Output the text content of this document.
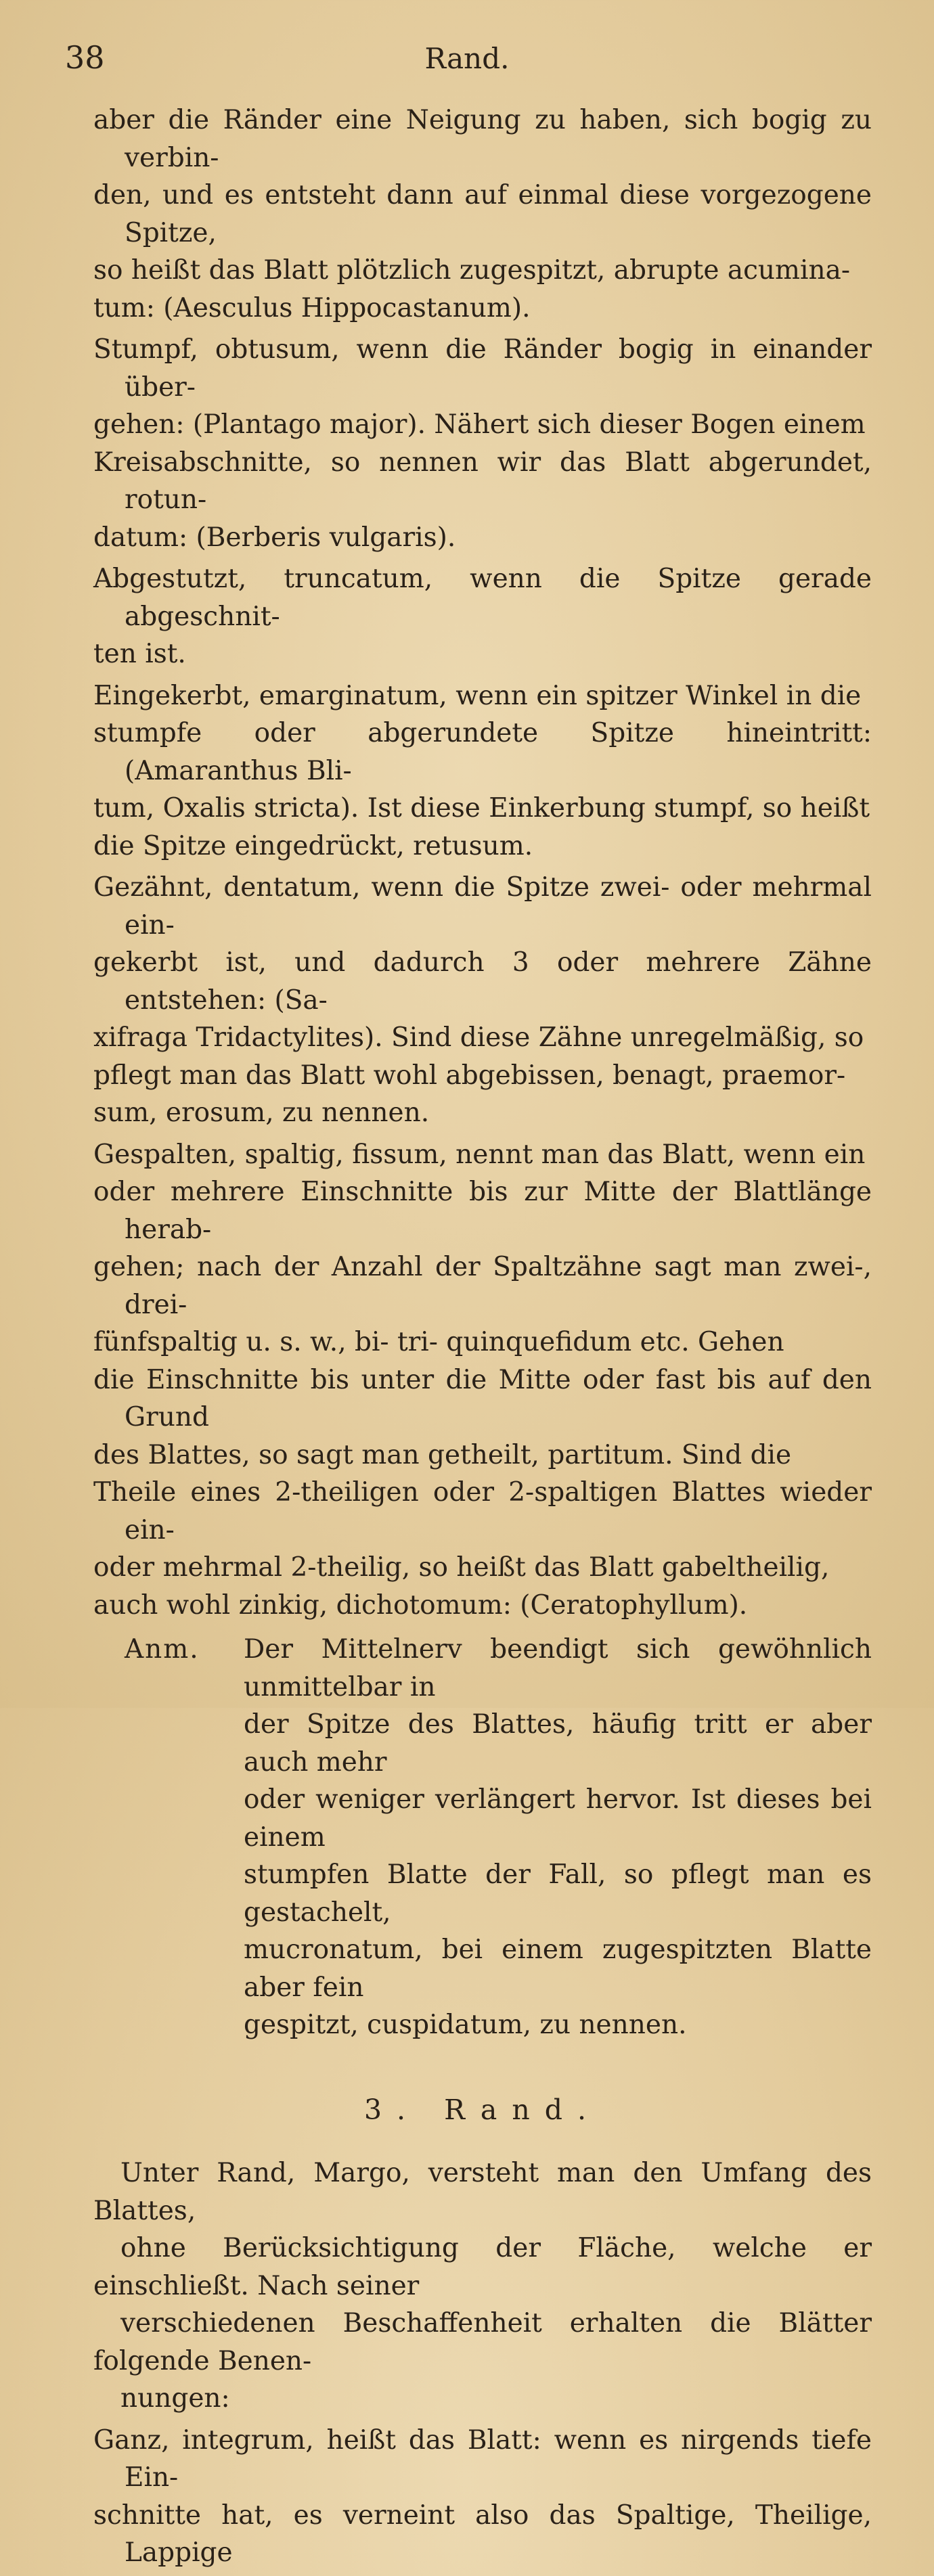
38	Rand.
aber die Ränder eine Neigung zu haben, sich bogig zu verbin-
den, und es entsteht dann auf einmal diese vorgezogene Spitze,
so heißt das Blatt plötzlich zugespitzt, abrupte acumina-
tum: (Aesculus Hippocastanum).
Stumpf, obtusum, wenn die Ränder bogig in einander über-
gehen: (Plantago major). Nähert sich dieser Bogen einem
Kreisabschnitte, so nennen wir das Blatt abgerundet, rotun-
datum: (Berberis vulgaris).
Abgestutzt, truncatum, wenn die Spitze gerade abgeschnit-
ten ist.
Eingekerbt, emarginatum, wenn ein spitzer Winkel in die
stumpfe oder abgerundete Spitze hineintritt: (Amaranthus Bli-
tum, Oxalis stricta). Ist diese Einkerbung stumpf, so heißt
die Spitze eingedrückt, retusum.
Gezähnt, dentatum, wenn die Spitze zwei- oder mehrmal ein-
gekerbt ist, und dadurch 3 oder mehrere Zähne entstehen: (Sa-
xifraga Tridactylites). Sind diese Zähne unregelmäßig, so
pflegt man das Blatt wohl abgebissen, benagt, praemor-
sum, erosum, zu nennen.
Gespalten, spaltig, fissum, nennt man das Blatt, wenn ein
oder mehrere Einschnitte bis zur Mitte der Blattlänge herab-
gehen; nach der Anzahl der Spaltzähne sagt man zwei-, drei-
fünfspaltig u. s. w., bi- tri- quinquefidum etc. Gehen
die Einschnitte bis unter die Mitte oder fast bis auf den Grund
des Blattes, so sagt man getheilt, partitum. Sind die
Theile eines 2-theiligen oder 2-spaltigen Blattes wieder ein-
oder mehrmal 2-theilig, so heißt das Blatt gabeltheilig,
auch wohl zinkig, dichotomum: (Ceratophyllum).
Anm.	Der Mittelnerv beendigt sich gewöhnlich unmittelbar in
der Spitze des Blattes, häufig tritt er aber auch mehr
oder weniger verlängert hervor. Ist dieses bei einem
stumpfen Blatte der Fall, so pflegt man es gestachelt,
mucronatum, bei einem zugespitzten Blatte aber fein
gespitzt, cuspidatum, zu nennen.
3. Rand.
Unter Rand, Margo, versteht man den Umfang des Blattes,
ohne Berücksichtigung der Fläche, welche er einschließt. Nach seiner
verschiedenen Beschaffenheit erhalten die Blätter folgende Benen-
nungen:
Ganz, integrum, heißt das Blatt: wenn es nirgends tiefe Ein-
schnitte hat, es verneint also das Spaltige, Theilige, Lappige
